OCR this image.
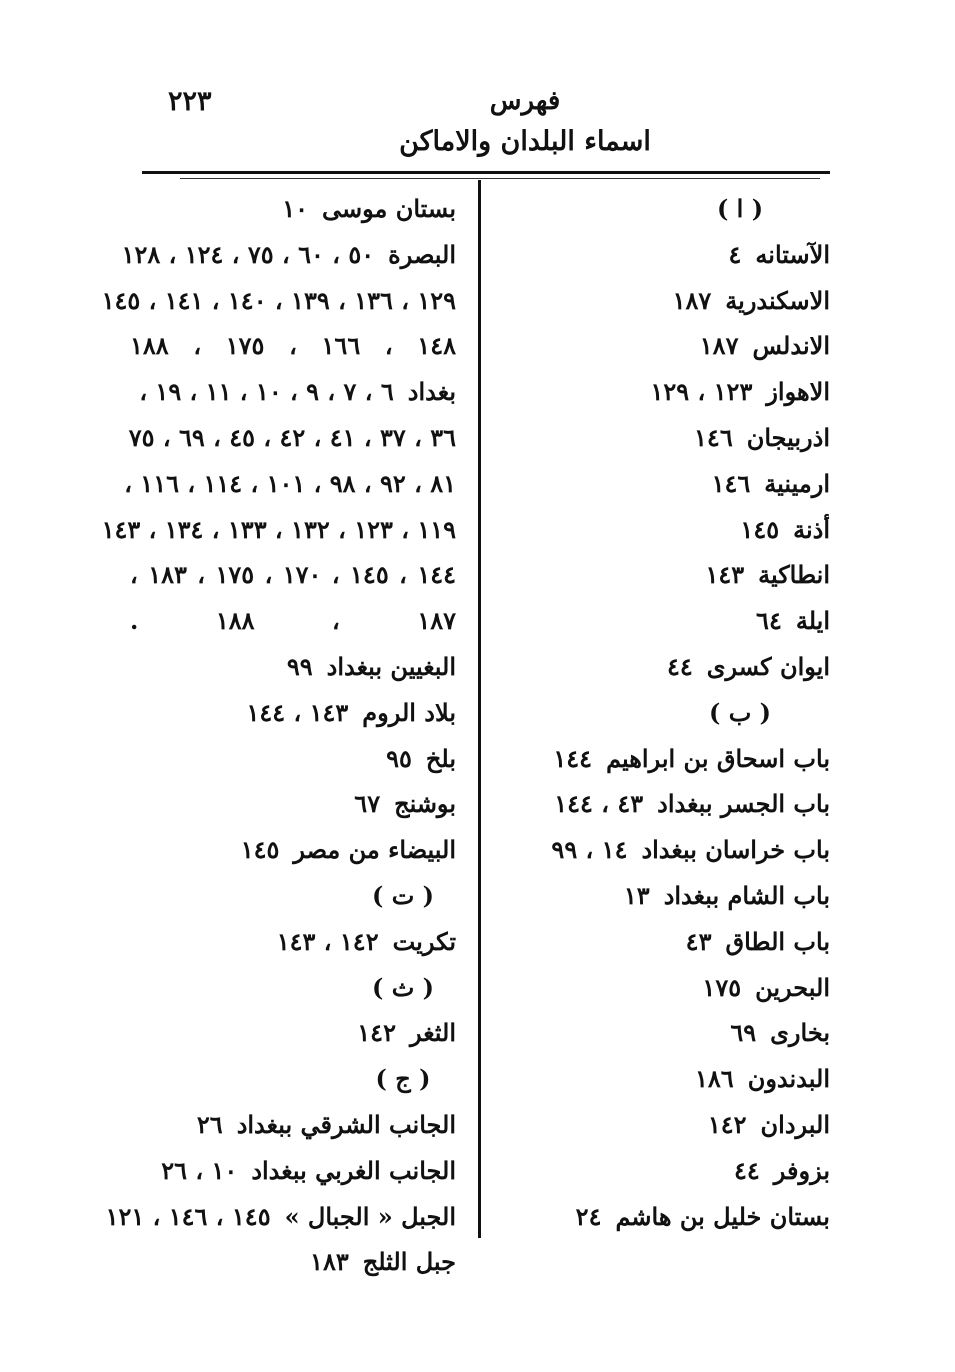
٢٢٣	فهرس
اسماء البلدان والاماكن
( ا )
الآستانه٤
الاسكندرية١٨٧
الاندلس١٨٧
الاهواز١٢٣ ، ١٢٩
اذربيجان١٤٦
ارمينية١٤٦
أذنة١٤٥
انطاكية١٤٣
ايلة٦٤
ايوان كسرى٤٤
( ب )
باب اسحاق بن ابراهيم١٤٤
باب الجسر ببغداد٤٣ ، ١٤٤
باب خراسان ببغداد١٤ ، ٩٩
باب الشام ببغداد١٣
باب الطاق٤٣
البحرين١٧٥
بخارى٦٩
البدندون١٨٦
البردان١٤٢
بزوفر٤٤
بستان خليل بن هاشم٢٤
بستان موسى١٠
البصرة٥٠ ، ٦٠ ، ٧٥ ، ١٢٤ ، ١٢٨
١٢٩ ، ١٣٦ ، ١٣٩ ، ١٤٠ ، ١٤١ ، ١٤٥
١٤٨ ، ١٦٦ ، ١٧٥ ، ١٨٨
بغداد٦ ، ٧ ، ٩ ، ١٠ ، ١١ ، ١٩ ،
٣٦ ، ٣٧ ، ٤١ ، ٤٢ ، ٤٥ ، ٦٩ ، ٧٥
٨١ ، ٩٢ ، ٩٨ ، ١٠١ ، ١١٤ ، ١١٦ ،
١١٩ ، ١٢٣ ، ١٣٢ ، ١٣٣ ، ١٣٤ ، ١٤٣
١٤٤ ، ١٤٥ ، ١٧٠ ، ١٧٥ ، ١٨٣ ،
١٨٧ ، ١٨٨ .
البغيين ببغداد٩٩
بلاد الروم١٤٣ ، ١٤٤
بلخ٩٥
بوشنج٦٧
البيضاء من مصر١٤٥
( ت )
تكريت١٤٢ ، ١٤٣
( ث )
الثغر١٤٢
( ج )
الجانب الشرقي ببغداد٢٦
الجانب الغربي ببغداد١٠ ، ٢٦
الجبل « الجبال »١٤٥ ، ١٤٦ ، ١٢١
جبل الثلج١٨٣
